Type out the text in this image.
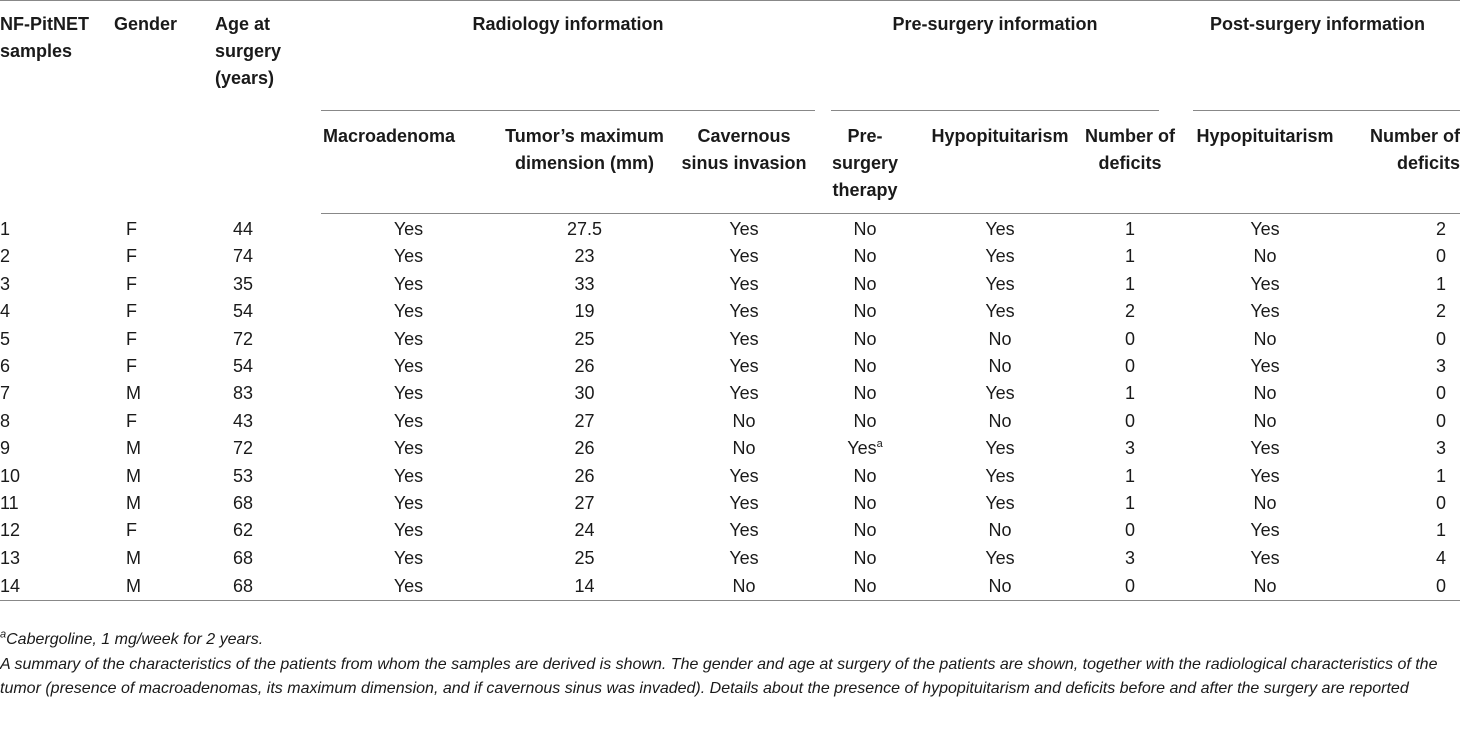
NF-PitNET samples	Gender	Age at surgery (years)	Radiology information			Pre-surgery information			Post-surgery information	

			Macroadenoma	Tumor’s maximum dimension (mm)	Cavernous sinus invasion	Pre-surgery therapy	Hypopituitarism	Number of deficits	Hypopituitarism	Number of deficits
1	F	44	Yes	27.5	Yes	No	Yes	1	Yes	2
2	F	74	Yes	23	Yes	No	Yes	1	No	0
3	F	35	Yes	33	Yes	No	Yes	1	Yes	1
4	F	54	Yes	19	Yes	No	Yes	2	Yes	2
5	F	72	Yes	25	Yes	No	No	0	No	0
6	F	54	Yes	26	Yes	No	No	0	Yes	3
7	M	83	Yes	30	Yes	No	Yes	1	No	0
8	F	43	Yes	27	No	No	No	0	No	0
9	M	72	Yes	26	No	Yes$^a$	Yes	3	Yes	3
10	M	53	Yes	26	Yes	No	Yes	1	Yes	1
11	M	68	Yes	27	Yes	No	Yes	1	No	0
12	F	62	Yes	24	Yes	No	No	0	Yes	1
13	M	68	Yes	25	Yes	No	Yes	3	Yes	4
14	M	68	Yes	14	No	No	No	0	No	0

$^a$Cabergoline, 1 mg/week for 2 years.

A summary of the characteristics of the patients from whom the samples are derived is shown. The gender and age at surgery of the patients are shown, together with the radiological characteristics of the tumor (presence of macroadenomas, its maximum dimension, and if cavernous sinus was invaded). Details about the presence of hypopituitarism and deficits before and after the surgery are reported
